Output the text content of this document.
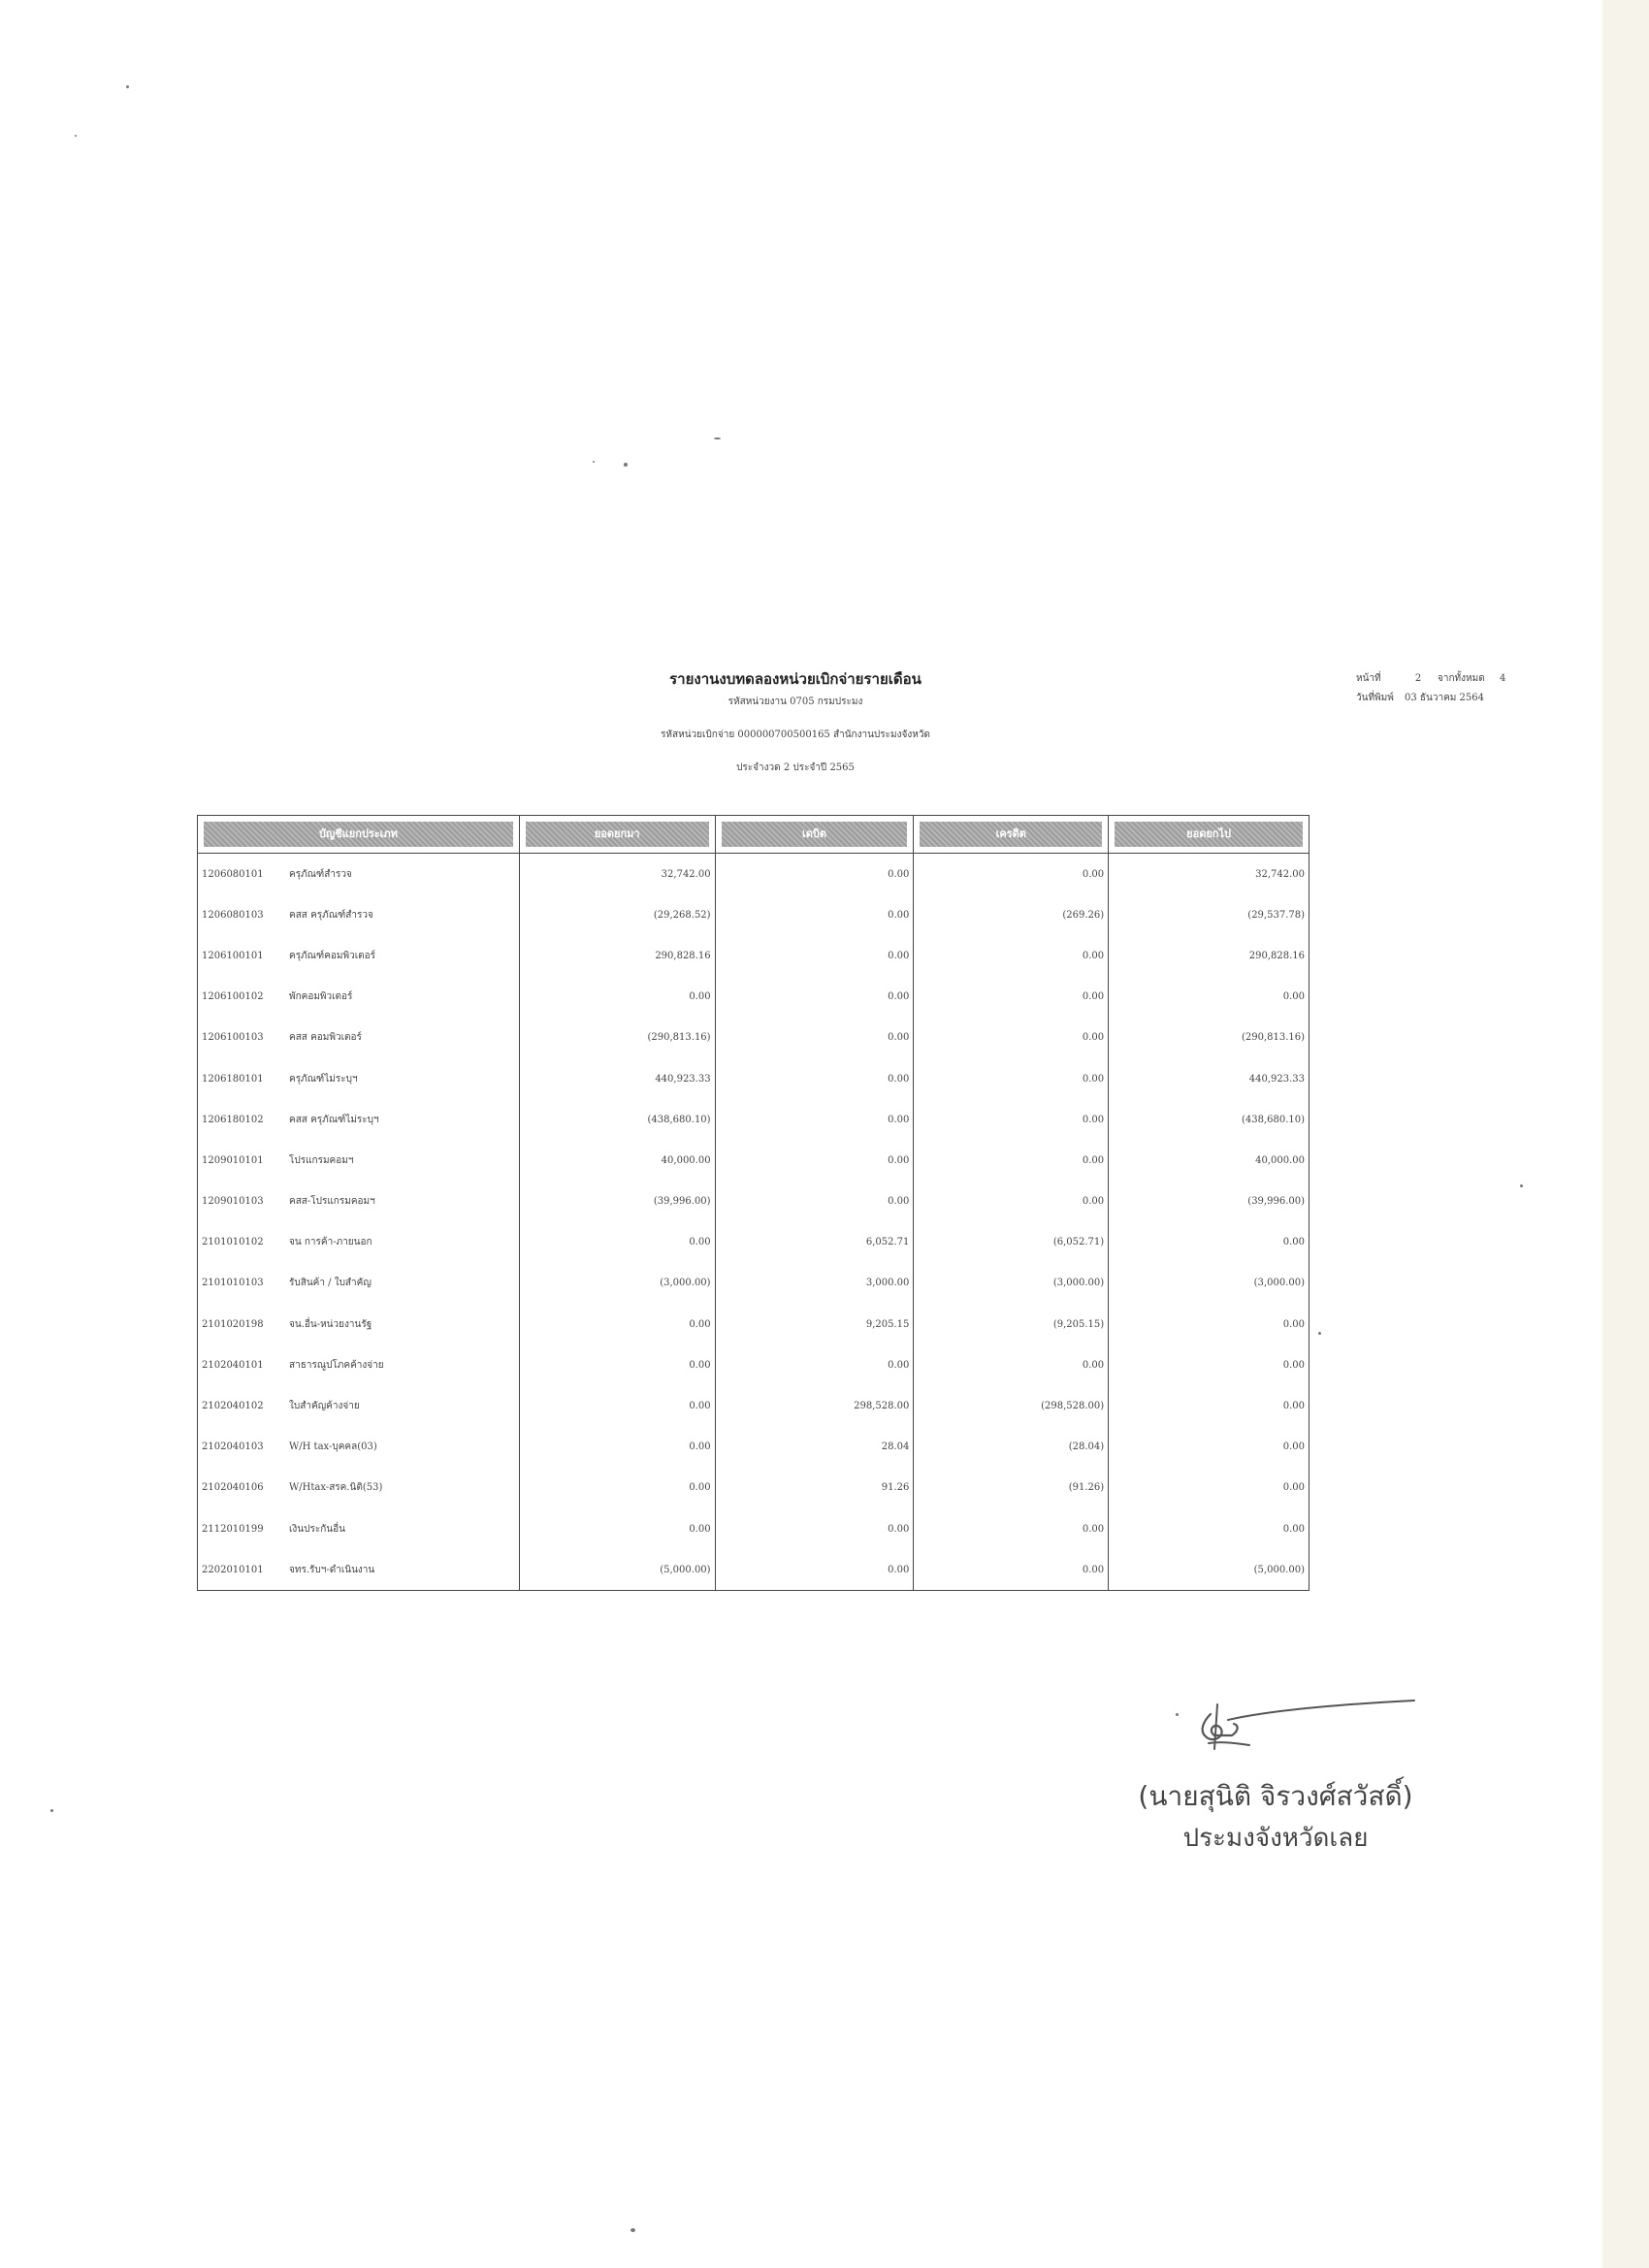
รายงานงบทดลองหน่วยเบิกจ่ายรายเดือน
รหัสหน่วยงาน 0705 กรมประมง
รหัสหน่วยเบิกจ่าย 000000700500165 สำนักงานประมงจังหวัด
ประจำงวด 2 ประจำปี 2565
หน้าที่	2	จากทั้งหมด	4
วันที่พิมพ์	03 ธันวาคม 2564
บัญชีแยกประเภท	ยอดยกมา	เดบิต	เครดิต	ยอดยกไป

1206080101 ครุภัณฑ์สำรวจ	32,742.00	0.00	0.00	32,742.00
1206080103 คสส ครุภัณฑ์สำรวจ	(29,268.52)	0.00	(269.26)	(29,537.78)
1206100101 ครุภัณฑ์คอมพิวเตอร์	290,828.16	0.00	0.00	290,828.16
1206100102 พักคอมพิวเตอร์	0.00	0.00	0.00	0.00
1206100103 คสส คอมพิวเตอร์	(290,813.16)	0.00	0.00	(290,813.16)
1206180101 ครุภัณฑ์ไม่ระบุฯ	440,923.33	0.00	0.00	440,923.33
1206180102 คสส ครุภัณฑ์ไม่ระบุฯ	(438,680.10)	0.00	0.00	(438,680.10)
1209010101 โปรแกรมคอมฯ	40,000.00	0.00	0.00	40,000.00
1209010103 คสส-โปรแกรมคอมฯ	(39,996.00)	0.00	0.00	(39,996.00)
2101010102 จน การค้า-ภายนอก	0.00	6,052.71	(6,052.71)	0.00
2101010103 รับสินค้า / ใบสำคัญ	(3,000.00)	3,000.00	(3,000.00)	(3,000.00)
2101020198 จน.อื่น-หน่วยงานรัฐ	0.00	9,205.15	(9,205.15)	0.00
2102040101 สาธารณูปโภคค้างจ่าย	0.00	0.00	0.00	0.00
2102040102 ใบสำคัญค้างจ่าย	0.00	298,528.00	(298,528.00)	0.00
2102040103 W/H tax-บุคคล(03)	0.00	28.04	(28.04)	0.00
2102040106 W/Htax-สรค.นิติ(53)	0.00	91.26	(91.26)	0.00
2112010199 เงินประกันอื่น	0.00	0.00	0.00	0.00
2202010101 จทร.รับฯ-ดำเนินงาน	(5,000.00)	0.00	0.00	(5,000.00)
(นายสุนิติ จิรวงศ์สวัสดิ์)
ประมงจังหวัดเลย
